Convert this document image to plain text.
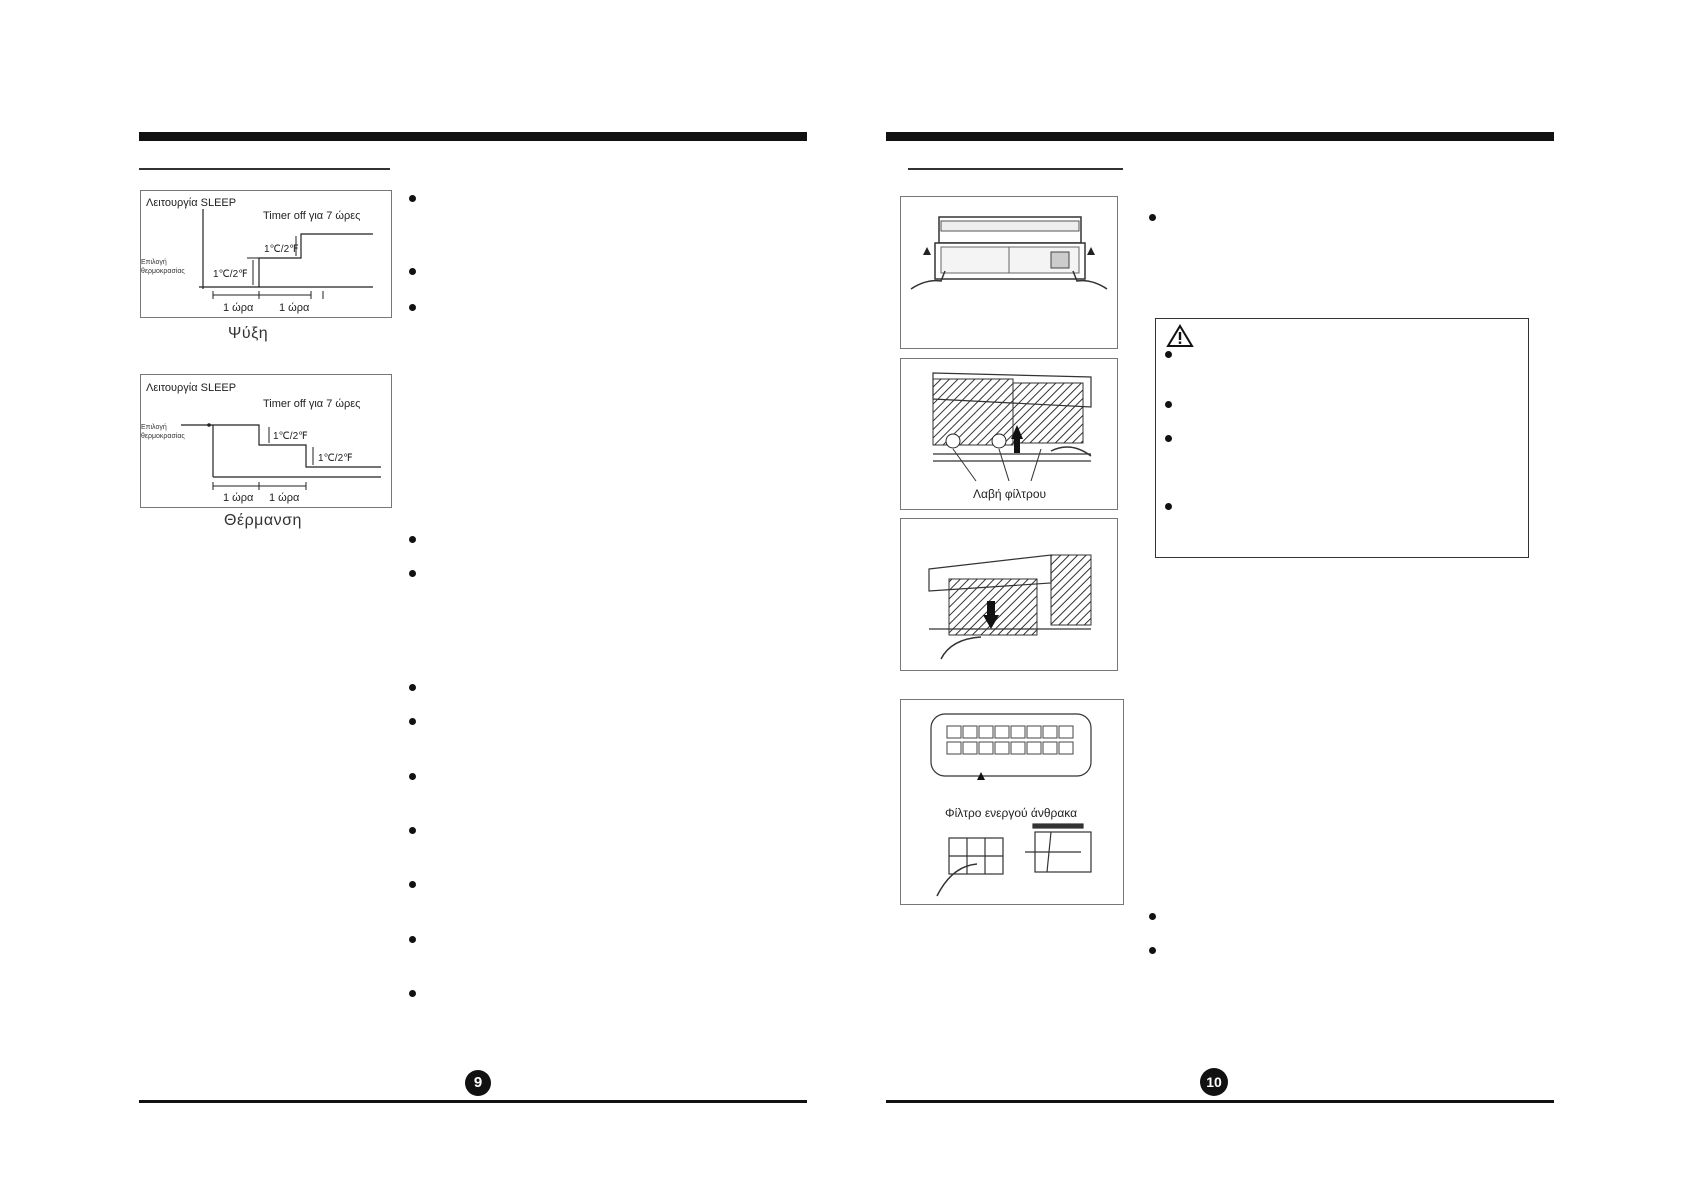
Λειτουργία SLEEP
Timer off για 7 ώρες
Επιλογή
θερμοκρασίας	1℃/2℉
1℃/2℉
1 ώρα 1 ώρα
Ψύξη
Λειτουργία SLEEP
Timer off για 7 ώρες
Επιλογή
θερμοκρασίας	1℃/2℉
1℃/2℉
1 ώρα 1 ώρα
Θέρμανση
9
Λαβή φίλτρου
Φίλτρο ενεργού άνθρακα
10
